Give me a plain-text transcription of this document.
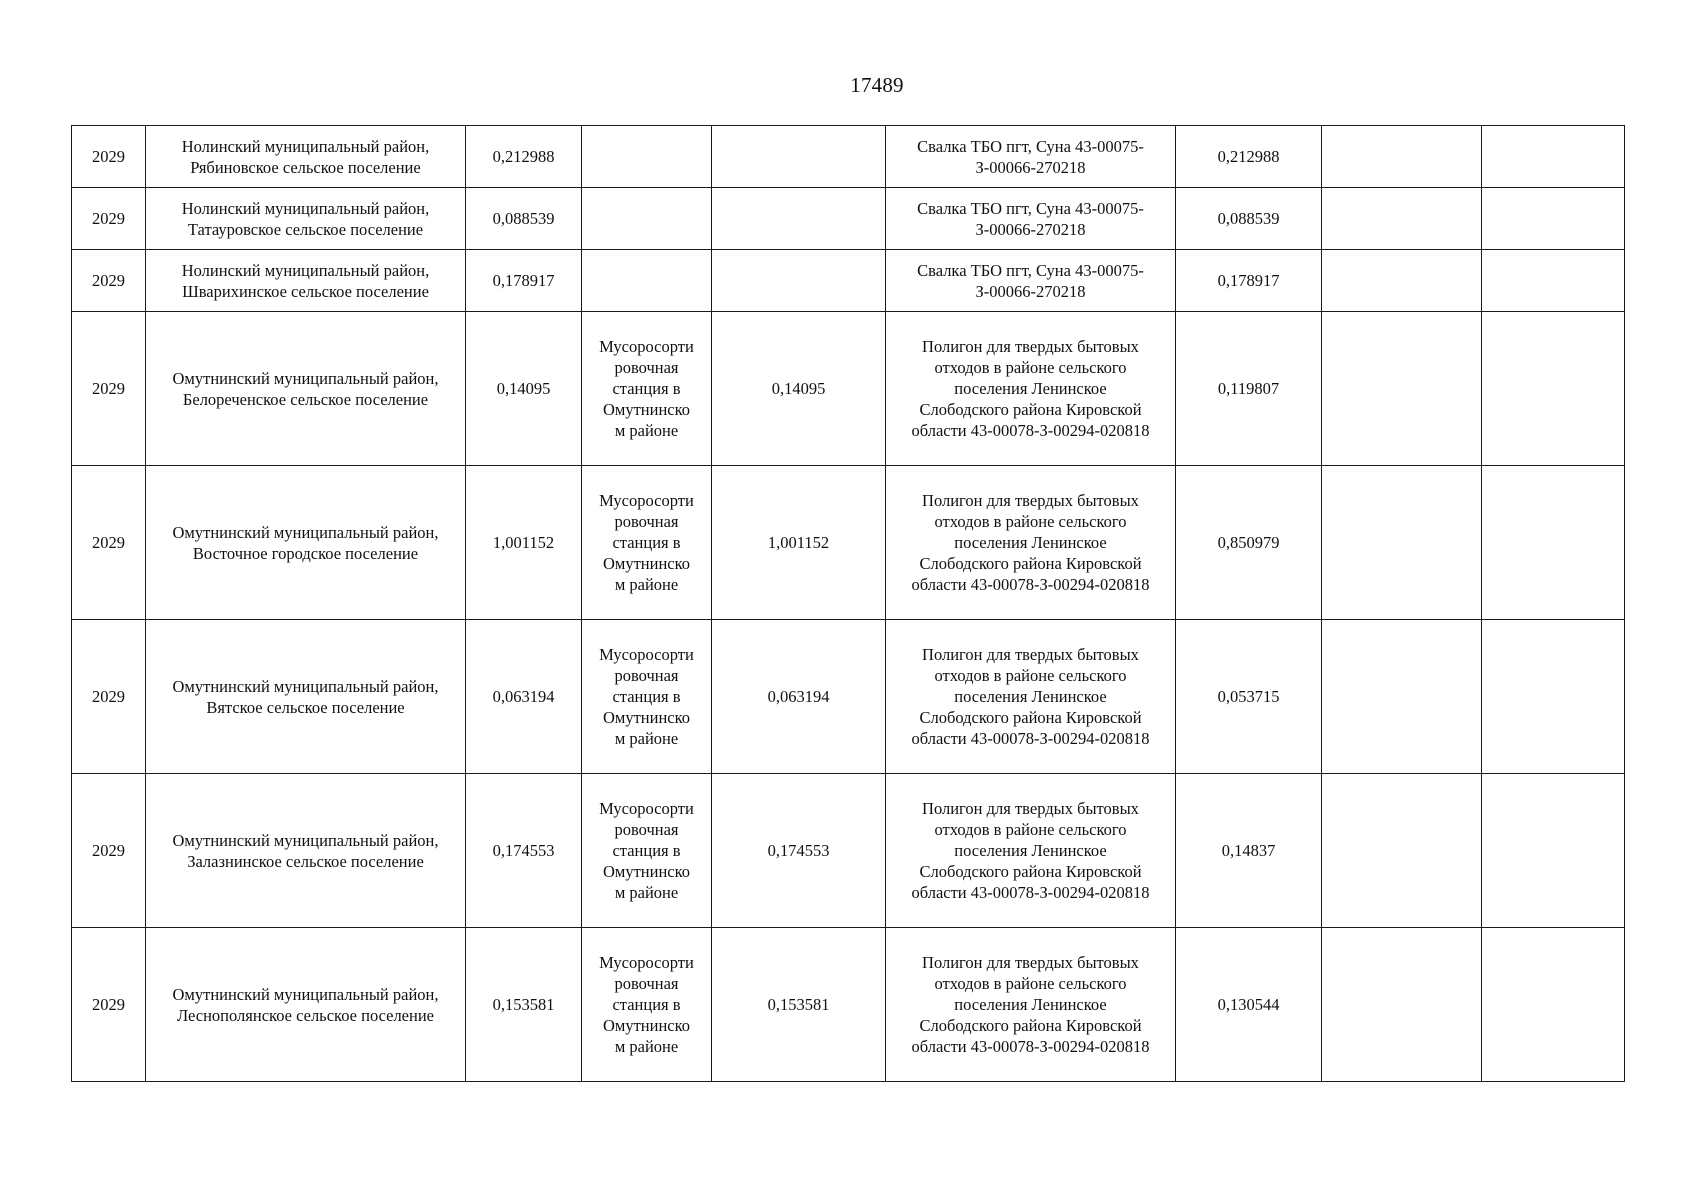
17489
2029	Нолинский муниципальный район,
Рябиновское сельское поселение	0,212988			Свалка ТБО пгт, Суна 43-00075-
З-00066-270218	0,212988		
2029	Нолинский муниципальный район,
Татауровское сельское поселение	0,088539			Свалка ТБО пгт, Суна 43-00075-
З-00066-270218	0,088539		
2029	Нолинский муниципальный район,
Шварихинское сельское поселение	0,178917			Свалка ТБО пгт, Суна 43-00075-
З-00066-270218	0,178917		
2029	Омутнинский муниципальный район,
Белореченское сельское поселение	0,14095	Мусоросорти
ровочная
станция в
Омутнинско
м районе	0,14095	Полигон для твердых бытовых
отходов в районе сельского
поселения Ленинское
Слободского района Кировской
области 43-00078-З-00294-020818	0,119807		
2029	Омутнинский муниципальный район,
Восточное городское поселение	1,001152	Мусоросорти
ровочная
станция в
Омутнинско
м районе	1,001152	Полигон для твердых бытовых
отходов в районе сельского
поселения Ленинское
Слободского района Кировской
области 43-00078-З-00294-020818	0,850979		
2029	Омутнинский муниципальный район,
Вятское сельское поселение	0,063194	Мусоросорти
ровочная
станция в
Омутнинско
м районе	0,063194	Полигон для твердых бытовых
отходов в районе сельского
поселения Ленинское
Слободского района Кировской
области 43-00078-З-00294-020818	0,053715		
2029	Омутнинский муниципальный район,
Залазнинское сельское поселение	0,174553	Мусоросорти
ровочная
станция в
Омутнинско
м районе	0,174553	Полигон для твердых бытовых
отходов в районе сельского
поселения Ленинское
Слободского района Кировской
области 43-00078-З-00294-020818	0,14837		
2029	Омутнинский муниципальный район,
Леснополянское сельское поселение	0,153581	Мусоросорти
ровочная
станция в
Омутнинско
м районе	0,153581	Полигон для твердых бытовых
отходов в районе сельского
поселения Ленинское
Слободского района Кировской
области 43-00078-З-00294-020818	0,130544		
